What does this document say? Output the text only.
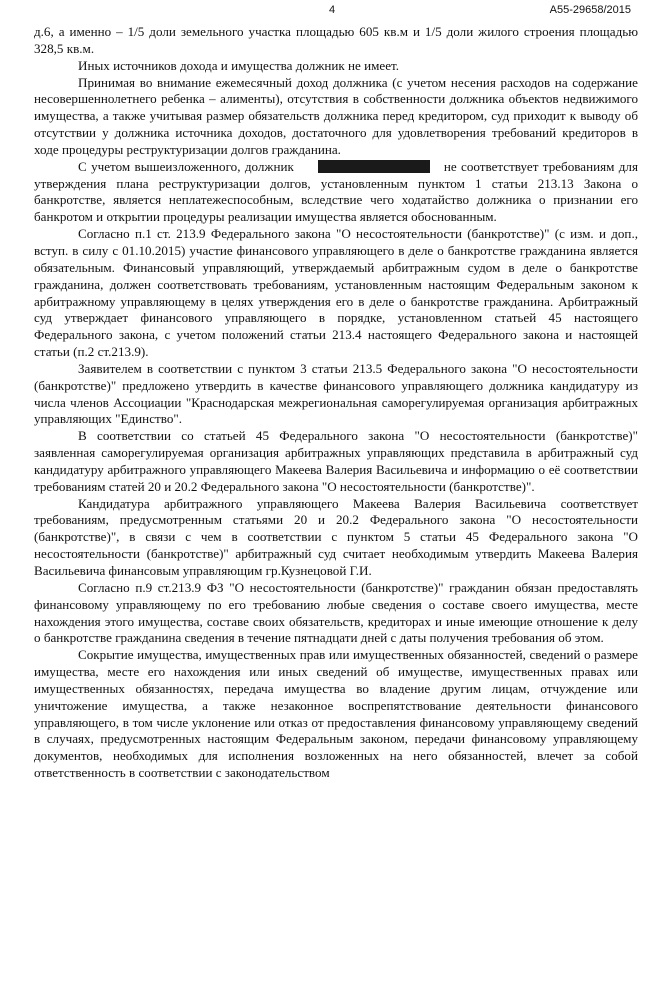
4	А55-29658/2015

д.6, а именно – 1/5 доли земельного участка площадью 605 кв.м и 1/5 доли жилого строения площадью 328,5 кв.м.

Иных источников дохода и имущества должник не имеет.

Принимая во внимание ежемесячный доход должника (с учетом несения расходов на содержание несовершеннолетнего ребенка – алименты), отсутствия в собственности должника объектов недвижимого имущества, а также учитывая размер обязательств должника перед кредитором, суд приходит к выводу об отсутствии у должника источника доходов, достаточного для удовлетворения требований кредиторов в ходе процедуры реструктуризации долгов гражданина.

С учетом вышеизложенного, должник	не соответствует требованиям для утверждения плана реструктуризации долгов, установленным пунктом 1 статьи 213.13 Закона о банкротстве, является неплатежеспособным, вследствие чего ходатайство должника о признании его банкротом и открытии процедуры реализации имущества является обоснованным.

Согласно п.1 ст. 213.9 Федерального закона "О несостоятельности (банкротстве)" (с изм. и доп., вступ. в силу с 01.10.2015) участие финансового управляющего в деле о банкротстве гражданина является обязательным. Финансовый управляющий, утверждаемый арбитражным судом в деле о банкротстве гражданина, должен соответствовать требованиям, установленным настоящим Федеральным законом к арбитражному управляющему в целях утверждения его в деле о банкротстве гражданина. Арбитражный суд утверждает финансового управляющего в порядке, установленном статьей 45 настоящего Федерального закона, с учетом положений статьи 213.4 настоящего Федерального закона и настоящей статьи (п.2 ст.213.9).

Заявителем в соответствии с пунктом 3 статьи 213.5 Федерального закона "О несостоятельности (банкротстве)" предложено утвердить в качестве финансового управляющего должника кандидатуру из числа членов Ассоциации "Краснодарская межрегиональная саморегулируемая организация арбитражных управляющих "Единство".

В соответствии со статьей 45 Федерального закона "О несостоятельности (банкротстве)" заявленная саморегулируемая организация арбитражных управляющих представила в арбитражный суд кандидатуру арбитражного управляющего Макеева Валерия Васильевича и информацию о её соответствии требованиям статей 20 и 20.2 Федерального закона "О несостоятельности (банкротстве)".

Кандидатура арбитражного управляющего Макеева Валерия Васильевича соответствует требованиям, предусмотренным статьями 20 и 20.2 Федерального закона "О несостоятельности (банкротстве)", в связи с чем в соответствии с пунктом 5 статьи 45 Федерального закона "О несостоятельности (банкротстве)" арбитражный суд считает необходимым утвердить Макеева Валерия Васильевича финансовым управляющим гр.Кузнецовой Г.И.

Согласно п.9 ст.213.9 ФЗ "О несостоятельности (банкротстве)" гражданин обязан предоставлять финансовому управляющему по его требованию любые сведения о составе своего имущества, месте нахождения этого имущества, составе своих обязательств, кредиторах и иные имеющие отношение к делу о банкротстве гражданина сведения в течение пятнадцати дней с даты получения требования об этом.

Сокрытие имущества, имущественных прав или имущественных обязанностей, сведений о размере имущества, месте его нахождения или иных сведений об имуществе, имущественных правах или имущественных обязанностях, передача имущества во владение другим лицам, отчуждение или уничтожение имущества, а также незаконное воспрепятствование деятельности финансового управляющего, в том числе уклонение или отказ от предоставления финансовому управляющему сведений в случаях, предусмотренных настоящим Федеральным законом, передачи финансовому управляющему документов, необходимых для исполнения возложенных на него обязанностей, влечет за собой ответственность в соответствии с законодательством
